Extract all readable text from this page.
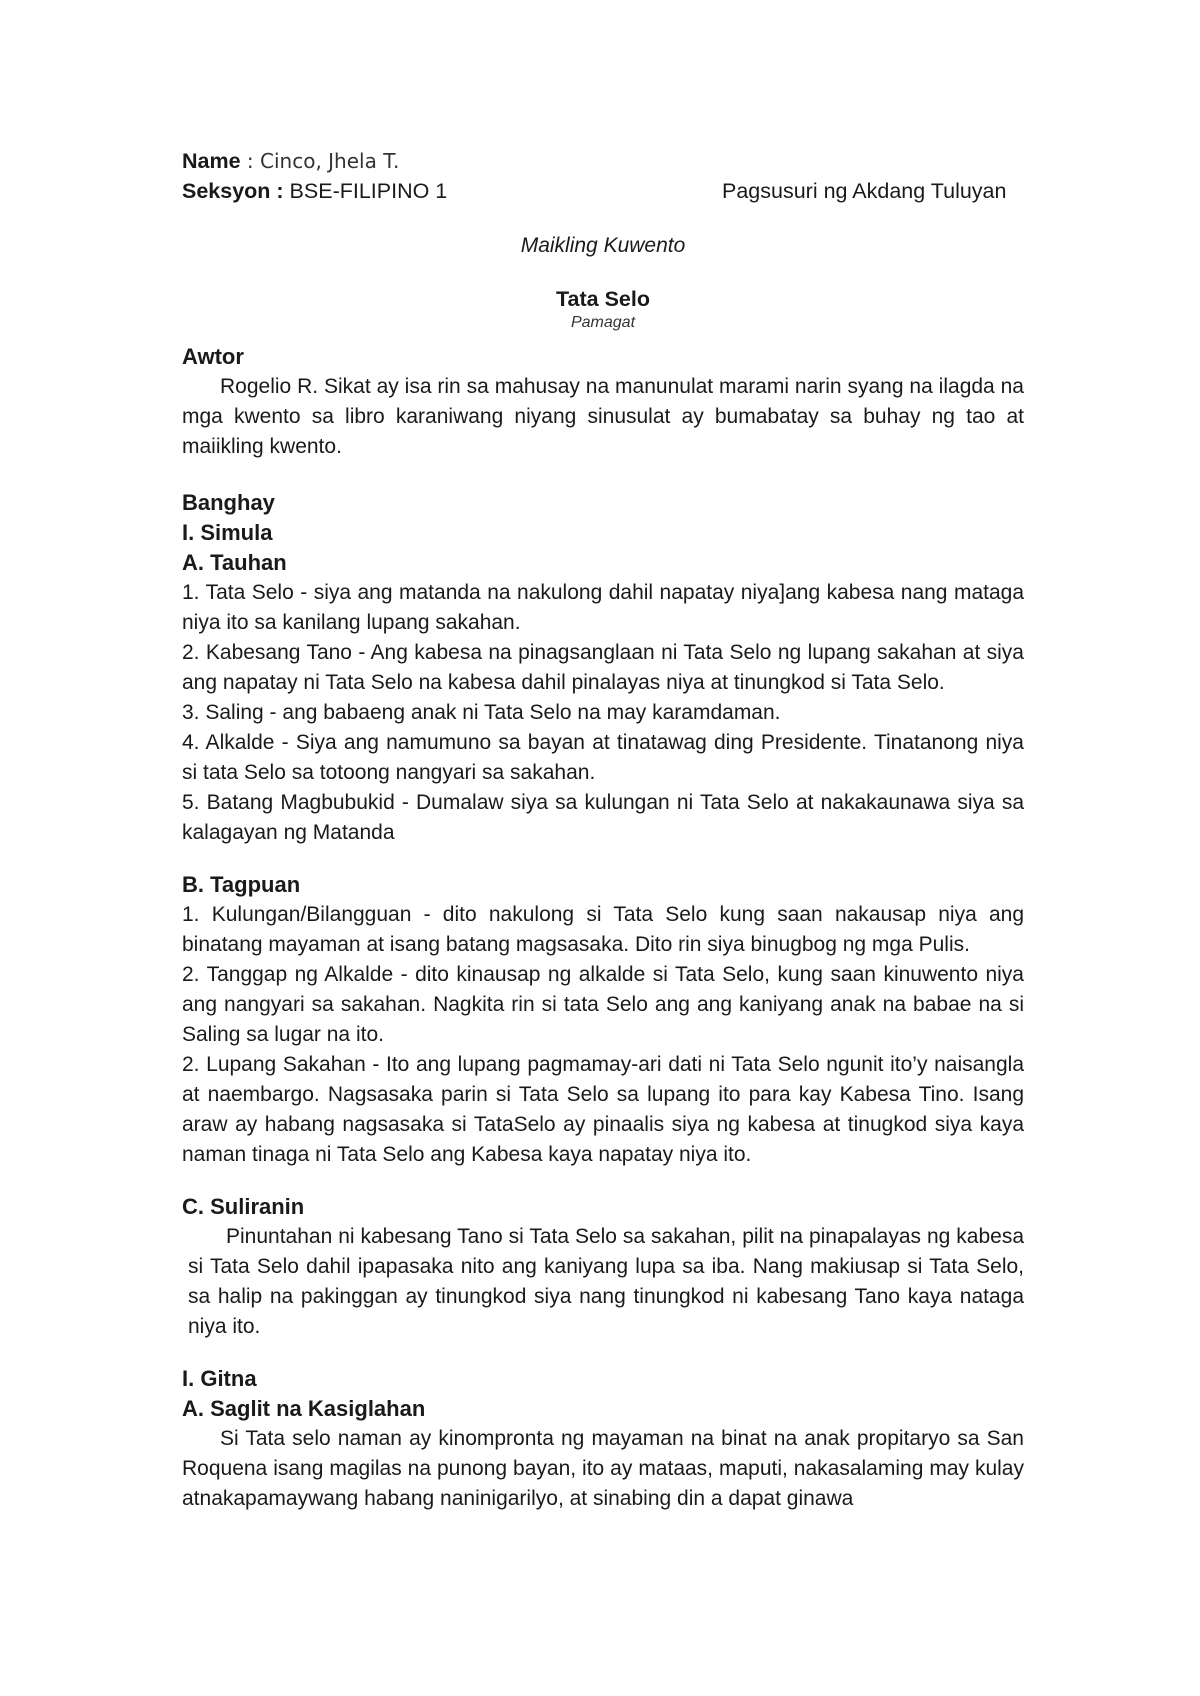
Name : Cinco, Jhela T.
Seksyon : BSE-FILIPINO 1	Pagsusuri ng Akdang Tuluyan
Maikling Kuwento
Tata Selo
Pamagat
Awtor

Rogelio R. Sikat ay isa rin sa mahusay na manunulat marami narin syang na ilagda na mga kwento sa libro karaniwang niyang sinusulat ay bumabatay sa buhay ng tao at maiikling kwento.

Banghay
I. Simula
A. Tauhan

1. Tata Selo - siya ang matanda na nakulong dahil napatay niya]ang kabesa nang mataga niya ito sa kanilang lupang sakahan.

2. Kabesang Tano - Ang kabesa na pinagsanglaan ni Tata Selo ng lupang sakahan at siya ang napatay ni Tata Selo na kabesa dahil pinalayas niya at tinungkod si Tata Selo.

3. Saling - ang babaeng anak ni Tata Selo na may karamdaman.

4. Alkalde - Siya ang namumuno sa bayan at tinatawag ding Presidente. Tinatanong niya si tata Selo sa totoong nangyari sa sakahan.

5. Batang Magbubukid - Dumalaw siya sa kulungan ni Tata Selo at nakakaunawa siya sa kalagayan ng Matanda

B. Tagpuan

1. Kulungan/Bilangguan - dito nakulong si Tata Selo kung saan nakausap niya ang binatang mayaman at isang batang magsasaka. Dito rin siya binugbog ng mga Pulis.

2. Tanggap ng Alkalde - dito kinausap ng alkalde si Tata Selo, kung saan kinuwento niya ang nangyari sa sakahan. Nagkita rin si tata Selo ang ang kaniyang anak na babae na si Saling sa lugar na ito.

2. Lupang Sakahan - Ito ang lupang pagmamay-ari dati ni Tata Selo ngunit ito’y naisangla at naembargo. Nagsasaka parin si Tata Selo sa lupang ito para kay Kabesa Tino. Isang araw ay habang nagsasaka si TataSelo ay pinaalis siya ng kabesa at tinugkod siya kaya naman tinaga ni Tata Selo ang Kabesa kaya napatay niya ito.

C. Suliranin

Pinuntahan ni kabesang Tano si Tata Selo sa sakahan, pilit na pinapalayas ng kabesa si Tata Selo dahil ipapasaka nito ang kaniyang lupa sa iba. Nang makiusap si Tata Selo, sa halip na pakinggan ay tinungkod siya nang tinungkod ni kabesang Tano kaya nataga niya ito.

I. Gitna
A. Saglit na Kasiglahan

Si Tata selo naman ay kinomprontа ng mayaman na binat na anak propitaryo sa San Roquena isang magilas na punong bayan, ito ay mataas, maputi, nakasalaming may kulay atnakapamaywang habang naninigarilyo, at sinabing din a dapat ginawa
